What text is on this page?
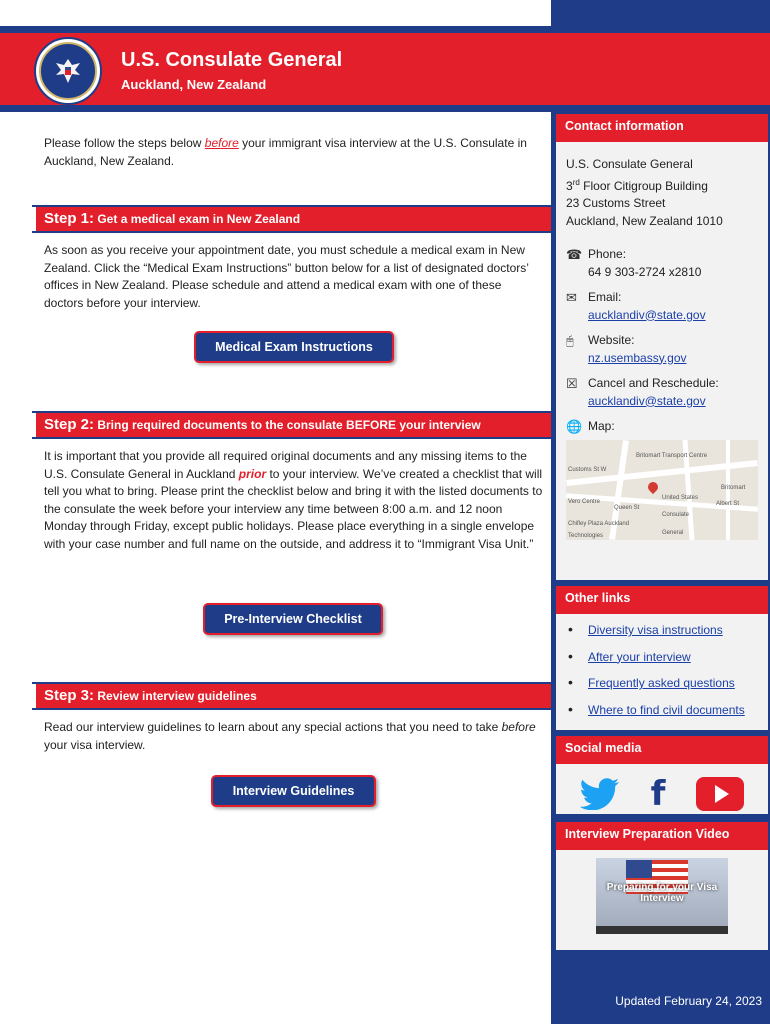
U.S. Consulate General
Auckland, New Zealand

Please follow the steps below before your immigrant visa interview at the U.S. Consulate in Auckland, New Zealand.

Step 1: Get a medical exam in New Zealand

As soon as you receive your appointment date, you must schedule a medical exam in New Zealand. Click the “Medical Exam Instructions” button below for a list of designated doctors’ offices in New Zealand. Please schedule and attend a medical exam with one of these doctors before your interview.

Medical Exam Instructions
Step 2: Bring required documents to the consulate BEFORE your interview

It is important that you provide all required original documents and any missing items to the U.S. Consulate General in Auckland prior to your interview. We’ve created a checklist that will tell you what to bring. Please print the checklist below and bring it with the listed documents to the consulate the week before your interview any time between 8:00 a.m. and 12 noon Monday through Friday, except public holidays. Please place everything in a single envelope with your case number and full name on the outside, and address it to “Immigrant Visa Unit.”

Pre-Interview Checklist
Step 3: Review interview guidelines

Read our interview guidelines to learn about any special actions that you need to take before your visa interview.

Interview Guidelines
Contact information
U.S. Consulate General
3rd Floor Citigroup Building
23 Customs Street
Auckland, New Zealand 1010
☎ Phone:
64 9 303-2724 x2810
✉ Email:
aucklandiv@state.gov
🖰	Website:
nz.usembassy.gov
☒ Cancel and Reschedule:
aucklandiv@state.gov
🌐 Map:
Britomart Transport Centre
Customs St W
Britomart
United States Consulate General
Albert St
Queen St
Vero Centre
Chifley Plaza Auckland
Technologies
Other links
• Diversity visa instructions
• After your interview
• Frequently asked questions
• Where to find civil documents
Social media
f
Interview Preparation Video
Preparing for your Visa Interview
Updated February 24, 2023
